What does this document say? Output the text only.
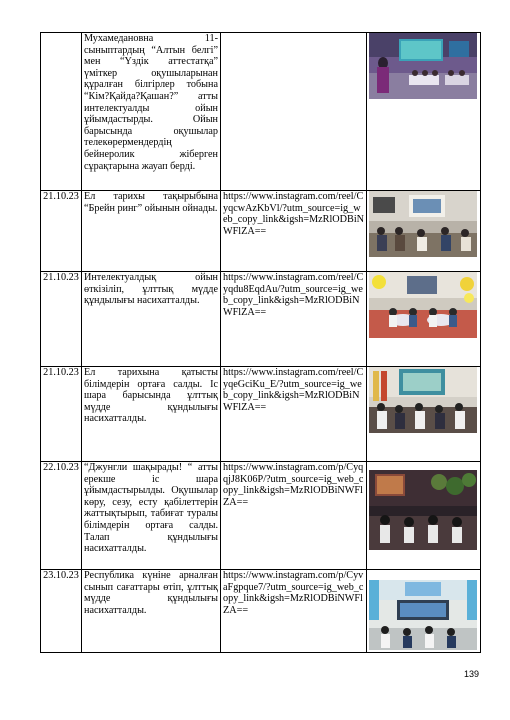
	Мухамедановна 11-сыныптардың “Алтын белгі” мен “Үздік аттестатқа” үміткер оқушыларынан құралған білгірлер тобына “Кім?Қайда?Қашан?” атты интелектуалды ойын ұйымдастырды. Ойын барысында оқушылар телекөрермендердің бейнеролик жіберген сұрақтарына жауап берді.		

21.10.23	Ел тарихы тақырыбына “Брейн ринг” ойынын ойнады.	https://www.instagram.com/reel/CyqcwAzKbVl/?utm_source=ig_web_copy_link&igsh=MzRlODBiNWFlZA==	

21.10.23	Интелектуалдық ойын өткізіліп, ұлттық мүдде құндылығы насихатталды.	https://www.instagram.com/reel/Cyqdu8EqdAu/?utm_source=ig_web_copy_link&igsh=MzRlODBiNWFlZA==	

21.10.23	Ел тарихына қатысты білімдерін ортаға салды. Іс шара барысында ұлттық мүдде құндылығы насихатталды.	https://www.instagram.com/reel/CyqeGciKu_E/?utm_source=ig_web_copy_link&igsh=MzRlODBiNWFlZA==	

22.10.23	“Джунгли шақырады! “ атты ерекше іс шара ұйымдастырылды. Оқушылар көру, сезу, есту қабілеттерін жаттықтырып, табиғат туралы білімдерін ортаға салды. Талап құндылығы насихатталды.	https://www.instagram.com/p/CyqqjJ8K06P/?utm_source=ig_web_copy_link&igsh=MzRlODBiNWFlZA==	

23.10.23	Республика күніне арналған сынып сағаттары өтіп, ұлттық мүдде құндылығы насихатталды.	https://www.instagram.com/p/CyvaFgpque7/?utm_source=ig_web_copy_link&igsh=MzRlODBiNWFlZA==	
139
